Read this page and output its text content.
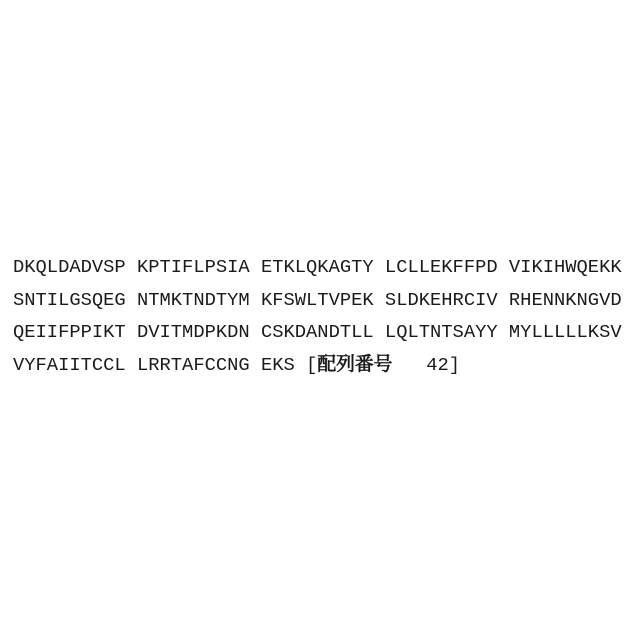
DKQLDADVSP KPTIFLPSIA ETKLQKAGTY LCLLEKFFPD VIKIHWQEKK
SNTILGSQEG NTMKTNDTYM KFSWLTVPEK SLDKEHRCIV RHENNKNGVD
QEIIFPPIKT DVITMDPKDN CSKDANDTLL LQLTNTSAYY MYLLLLLKSV
VYFAIITCCL LRRTAFCCNG EKS [配列番号   42]
